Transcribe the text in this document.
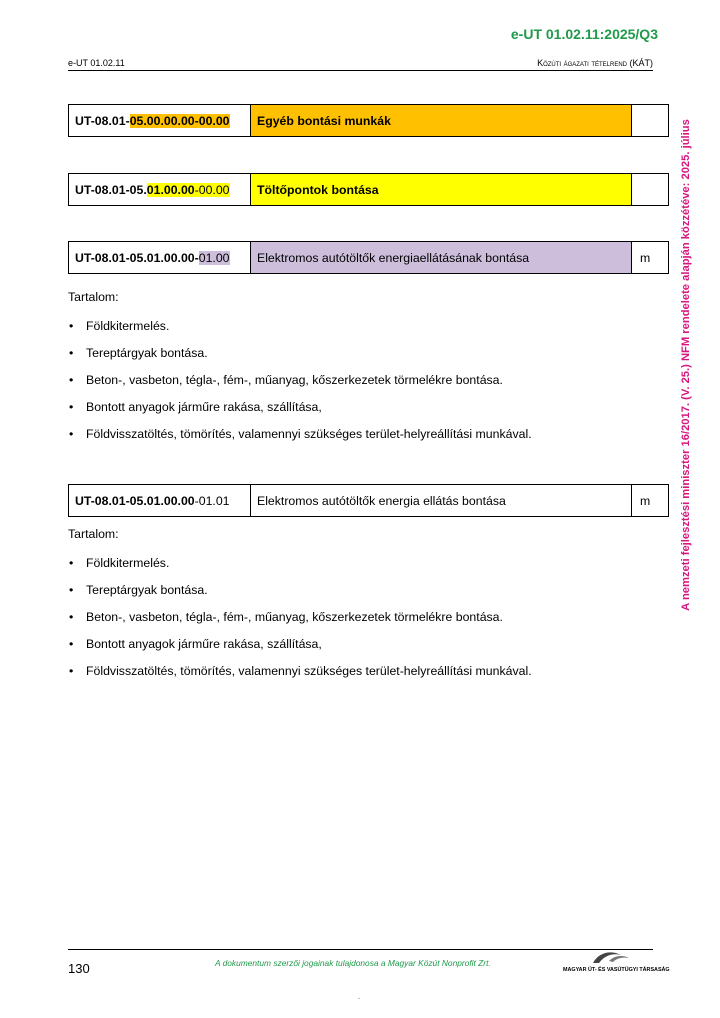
e-UT 01.02.11:2025/Q3
e-UT 01.02.11	Közúti ágazati tételrend (KÁT)
A nemzeti fejlesztési miniszter 16/2017. (V. 25.) NFM rendelete alapján közzétéve: 2025. július
UT-08.01- 05.00.00.00 -00.00	Egyéb bontási munkák
UT-08.01-05. 01.00.00 -00.00	Töltőpontok bontása
UT-08.01-05.01.00.00- 01.00	Elektromos autótöltők energiaellátásának bontása	m
Tartalom:
• Földkitermelés.
• Tereptárgyak bontása.
• Beton-, vasbeton, tégla-, fém-, műanyag, kőszerkezetek törmelékre bontása.
• Bontott anyagok járműre rakása, szállítása,
• Földvisszatöltés, tömörítés, valamennyi szükséges terület-helyreállítási munkával.
UT-08.01-05.01.00.00 -01.01	Elektromos autótöltők energia ellátás bontása	m
Tartalom:
• Földkitermelés.
• Tereptárgyak bontása.
• Beton-, vasbeton, tégla-, fém-, műanyag, kőszerkezetek törmelékre bontása.
• Bontott anyagok járműre rakása, szállítása,
• Földvisszatöltés, tömörítés, valamennyi szükséges terület-helyreállítási munkával.
130	A dokumentum szerzői jogainak tulajdonosa a Magyar Közút Nonprofit Zrt.
MAGYAR ÚT- ÉS VASÚTÜGYI TÁRSASÁG
.
